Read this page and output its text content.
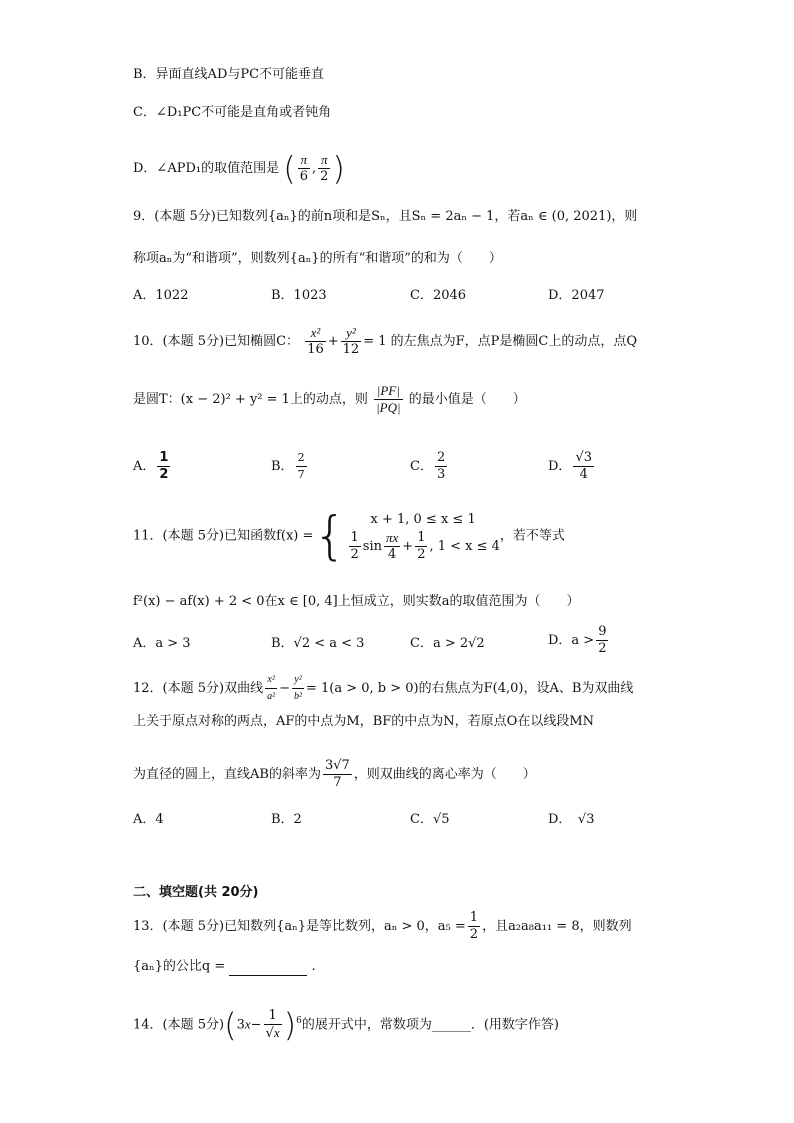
B．异面直线AD与PC不可能垂直
C．∠D₁PC不可能是直角或者钝角
D．∠APD₁的取值范围是 ( $\frac{\pi}{6}$ , $\frac{\pi}{2}$ )
9．(本题 5分)已知数列{aₙ}的前n项和是Sₙ，且Sₙ = 2aₙ − 1，若aₙ ∈ (0, 2021)，则
称项aₙ为“和谐项”，则数列{aₙ}的所有“和谐项”的和为（　　）
A．1022	B．1023	C．2046	D．2047
10．(本题 5分)已知椭圆C： $\frac{\text{x²}}{16} + \frac{\text{y²}}{12} = 1$ 的左焦点为F，点P是椭圆C上的动点，点Q
是圆T：(x − 2)² + y² = 1上的动点，则 $\frac{|PF|}{|PQ|}$ 的最小值是（　　）
A． $\frac{1}{2}$	B． $\frac{2}{7}$	C． $\frac{2}{3}$	D． $\frac{√3}{4}$
11．(本题 5分)已知函数f(x) ={	x + 1, 0 ≤ x ≤ 1
$\frac{1}{2}$ $\sin \frac{\pi x}{4} + \frac{1}{2}$ , 1 < x ≤ 4
，若不等式
f²(x) − af(x) + 2 < 0在x ∈ [0, 4]上恒成立，则实数a的取值范围为（　　）
A．a > 3	B．√2 < a < 3	C．a > 2√2	D．$a > \frac{9}{2}$
12．(本题 5分)双曲线 $\frac{\text{x²}}{\text{a²}} - \frac{\text{y²}}{\text{b²}} = 1(a > 0$, b > 0)的右焦点为F(4,0)，设A、B为双曲线
上关于原点对称的两点，AF的中点为M，BF的中点为N，若原点O在以线段MN
为直径的圆上，直线AB的斜率为 $\frac{3√7}{7}$ ，则双曲线的离心率为（　　）
A．4	B．2	C．√5	D．　√3
二、填空题(共 20分)
13．(本题 5分)已知数列{aₙ}是等比数列，aₙ > 0，$a_5 = \frac{1}{2}$ ，且a₂a₈a₁₁ = 8，则数列
{aₙ}的公比q =	.
14．(本题 5分)$(3x- \frac{1}{√x} )^6$的展开式中，常数项为______．(用数字作答)
